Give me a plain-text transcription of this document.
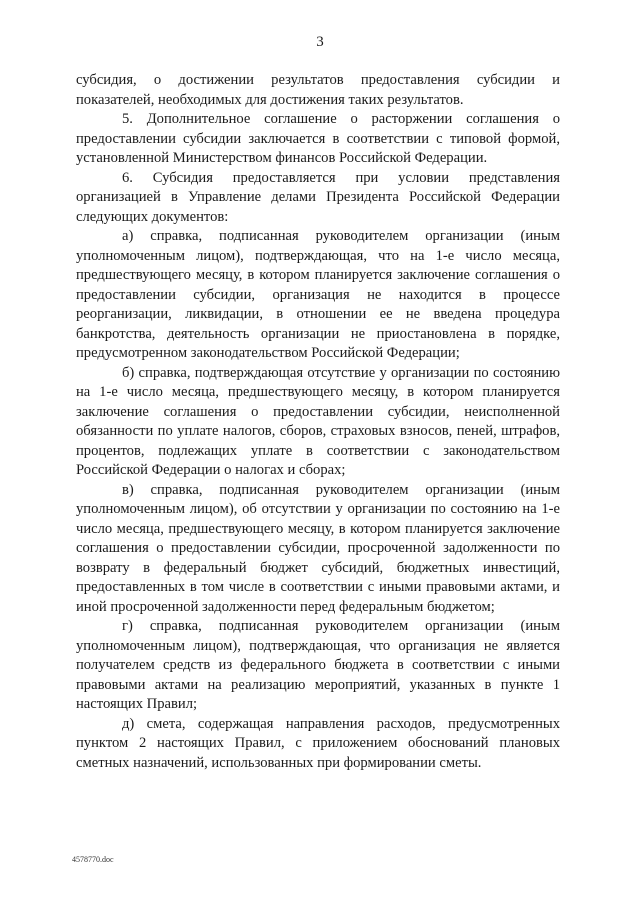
3

субсидия, о достижении результатов предоставления субсидии и показателей, необходимых для достижения таких результатов.

5. Дополнительное соглашение о расторжении соглашения о предоставлении субсидии заключается в соответствии с типовой формой, установленной Министерством финансов Российской Федерации.

6. Субсидия предоставляется при условии представления организацией в Управление делами Президента Российской Федерации следующих документов:

а) справка, подписанная руководителем организации (иным уполномоченным лицом), подтверждающая, что на 1-е число месяца, предшествующего месяцу, в котором планируется заключение соглашения о предоставлении субсидии, организация не находится в процессе реорганизации, ликвидации, в отношении ее не введена процедура банкротства, деятельность организации не приостановлена в порядке, предусмотренном законодательством Российской Федерации;

б) справка, подтверждающая отсутствие у организации по состоянию на 1-е число месяца, предшествующего месяцу, в котором планируется заключение соглашения о предоставлении субсидии, неисполненной обязанности по уплате налогов, сборов, страховых взносов, пеней, штрафов, процентов, подлежащих уплате в соответствии с законодательством Российской Федерации о налогах и сборах;

в) справка, подписанная руководителем организации (иным уполномоченным лицом), об отсутствии у организации по состоянию на 1-е число месяца, предшествующего месяцу, в котором планируется заключение соглашения о предоставлении субсидии, просроченной задолженности по возврату в федеральный бюджет субсидий, бюджетных инвестиций, предоставленных в том числе в соответствии с иными правовыми актами, и иной просроченной задолженности перед федеральным бюджетом;

г) справка, подписанная руководителем организации (иным уполномоченным лицом), подтверждающая, что организация не является получателем средств из федерального бюджета в соответствии с иными правовыми актами на реализацию мероприятий, указанных в пункте 1 настоящих Правил;

д) смета, содержащая направления расходов, предусмотренных пунктом 2 настоящих Правил, с приложением обоснований плановых сметных назначений, использованных при формировании сметы.

4578770.doc
